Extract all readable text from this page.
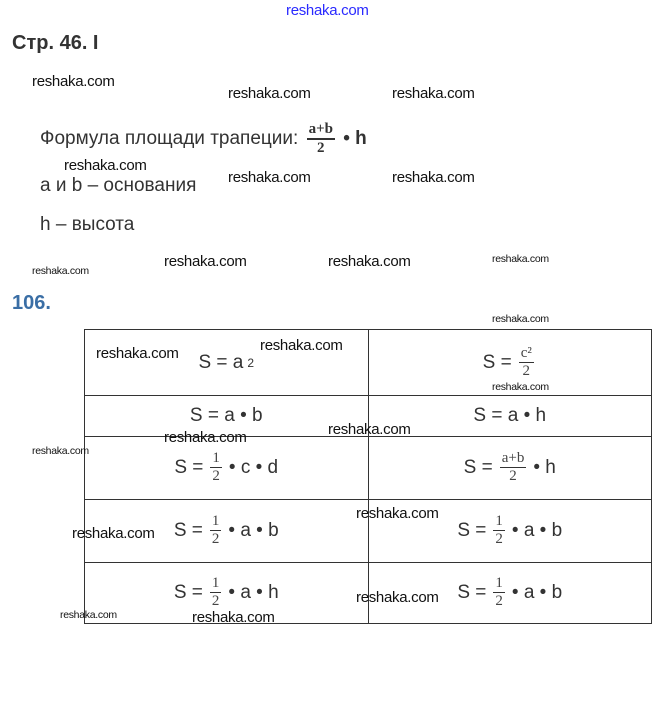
reshaka.com
Стр. 46. I
Формула площади трапеции: $\frac{a+b}{2}$ • h
a и b – основания
h – высота
106.
S = a 2	$S = \frac{\text{c²}}{2}$

S = a • b	S = a • h

$S = \frac{1}{2}$ • c • d	$S = \frac{a+b}{2}$ • h

$S = \frac{1}{2}$ • a • b	$S = \frac{1}{2}$ • a • b

$S = \frac{1}{2}$ • a • h	$S = \frac{1}{2}$ • a • b
reshaka.com
reshaka.com	reshaka.com
reshaka.com
reshaka.com	reshaka.com
reshaka.com
reshaka.com	reshaka.com	reshaka.com
reshaka.com
reshaka.com	reshaka.com
reshaka.com
reshaka.com
reshaka.com	reshaka.com
reshaka.com
reshaka.com
reshaka.com	reshaka.com
reshaka.com
